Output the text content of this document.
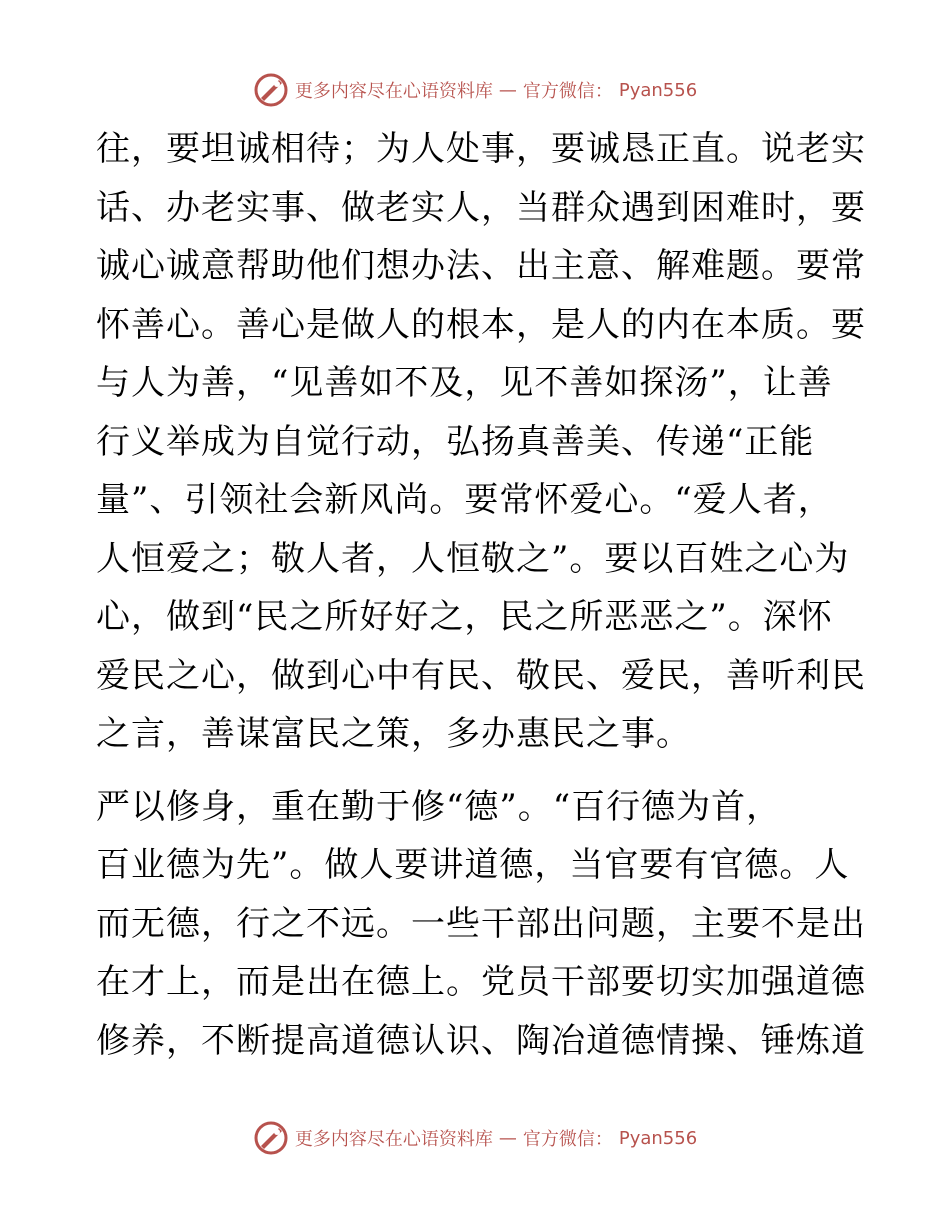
更多内容尽在心语资料库 — 官方微信： Pyan556
往，要坦诚相待；为人处事，要诚恳正直。说老实
话、办老实事、做老实人，当群众遇到困难时，要
诚心诚意帮助他们想办法、出主意、解难题。要常
怀善心。善心是做人的根本，是人的内在本质。要
与人为善，“见善如不及，见不善如探汤”，让善
行义举成为自觉行动，弘扬真善美、传递“正能
量”、引领社会新风尚。要常怀爱心。“爱人者，
人恒爱之；敬人者，人恒敬之”。要以百姓之心为
心，做到“民之所好好之，民之所恶恶之”。深怀
爱民之心，做到心中有民、敬民、爱民，善听利民
之言，善谋富民之策，多办惠民之事。
严以修身，重在勤于修“德”。“百行德为首，
百业德为先”。做人要讲道德，当官要有官德。人
而无德，行之不远。一些干部出问题，主要不是出
在才上，而是出在德上。党员干部要切实加强道德
修养，不断提高道德认识、陶冶道德情操、锤炼道
更多内容尽在心语资料库 — 官方微信： Pyan556
